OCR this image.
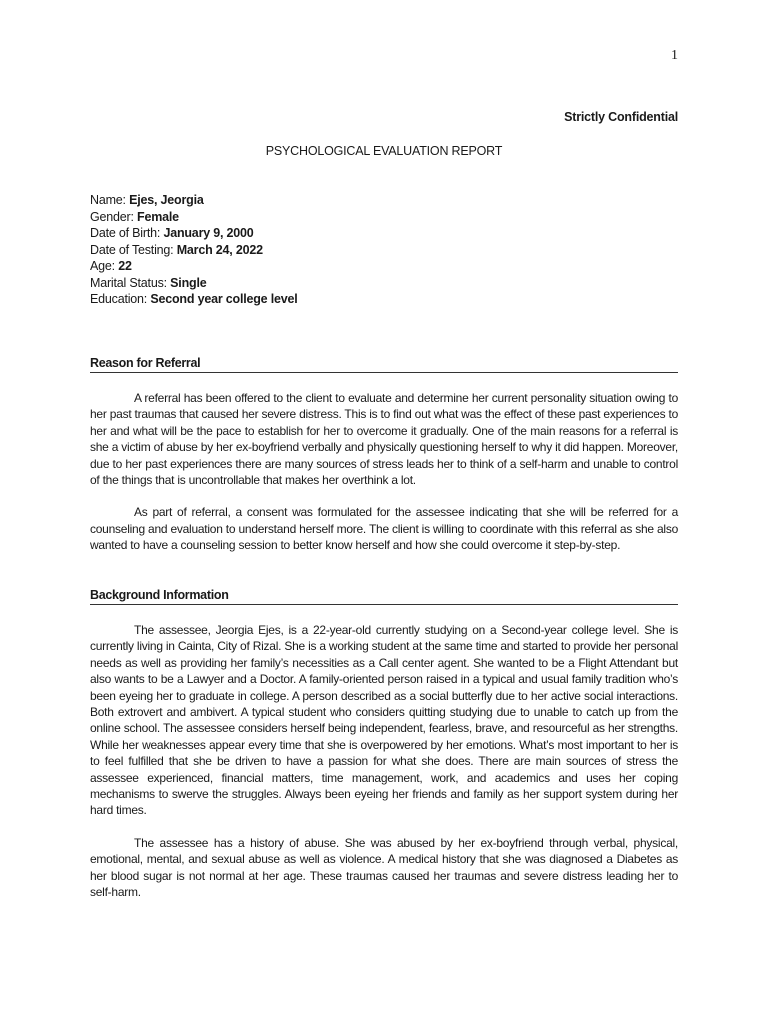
1
Strictly Confidential
PSYCHOLOGICAL EVALUATION REPORT
Name: Ejes, Jeorgia
Gender: Female
Date of Birth: January 9, 2000
Date of Testing: March 24, 2022
Age: 22
Marital Status: Single
Education: Second year college level
Reason for Referral

A referral has been offered to the client to evaluate and determine her current personality situation owing to her past traumas that caused her severe distress. This is to find out what was the effect of these past experiences to her and what will be the pace to establish for her to overcome it gradually. One of the main reasons for a referral is she a victim of abuse by her ex-boyfriend verbally and physically questioning herself to why it did happen. Moreover, due to her past experiences there are many sources of stress leads her to think of a self-harm and unable to control of the things that is uncontrollable that makes her overthink a lot.

As part of referral, a consent was formulated for the assessee indicating that she will be referred for a counseling and evaluation to understand herself more. The client is willing to coordinate with this referral as she also wanted to have a counseling session to better know herself and how she could overcome it step-by-step.

Background Information

The assessee, Jeorgia Ejes, is a 22-year-old currently studying on a Second-year college level. She is currently living in Cainta, City of Rizal. She is a working student at the same time and started to provide her personal needs as well as providing her family’s necessities as a Call center agent. She wanted to be a Flight Attendant but also wants to be a Lawyer and a Doctor. A family-oriented person raised in a typical and usual family tradition who’s been eyeing her to graduate in college. A person described as a social butterfly due to her active social interactions. Both extrovert and ambivert. A typical student who considers quitting studying due to unable to catch up from the online school. The assessee considers herself being independent, fearless, brave, and resourceful as her strengths. While her weaknesses appear every time that she is overpowered by her emotions. What’s most important to her is to feel fulfilled that she be driven to have a passion for what she does. There are main sources of stress the assessee experienced, financial matters, time management, work, and academics and uses her coping mechanisms to swerve the struggles. Always been eyeing her friends and family as her support system during her hard times.

The assessee has a history of abuse. She was abused by her ex-boyfriend through verbal, physical, emotional, mental, and sexual abuse as well as violence. A medical history that she was diagnosed a Diabetes as her blood sugar is not normal at her age. These traumas caused her traumas and severe distress leading her to self-harm.
